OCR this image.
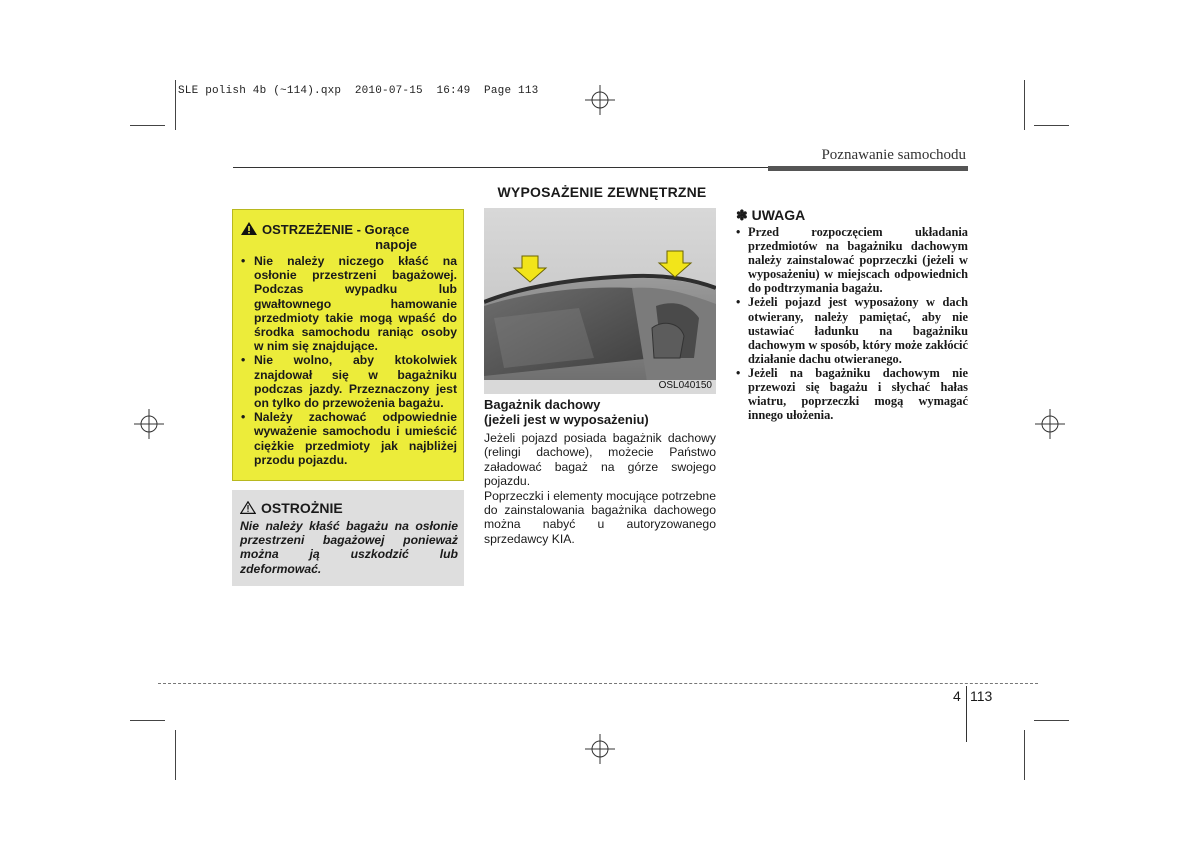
SLE polish 4b (~114).qxp  2010-07-15  16:49  Page 113
Poznawanie samochodu
WYPOSAŻENIE ZEWNĘTRZNE
OSTRZEŻENIE - Gorące
napoje
• Nie należy niczego kłaść na osłonie przestrzeni bagażowej. Podczas wypadku lub gwałtownego hamowanie przedmioty takie mogą wpaść do środka samochodu raniąc osoby w nim się znajdujące.
• Nie wolno, aby ktokolwiek znajdował się w bagażniku podczas jazdy. Przeznaczony jest on tylko do przewożenia bagażu.
• Należy zachować odpowiednie wyważenie samochodu i umieścić ciężkie przedmioty jak najbliżej przodu pojazdu.
OSTROŻNIE
Nie należy kłaść bagażu na osłonie przestrzeni bagażowej ponieważ można ją uszkodzić lub zdeformować.
OSL040150
Bagażnik dachowy
(jeżeli jest w wyposażeniu)
Jeżeli pojazd posiada bagażnik dachowy (relingi dachowe), możecie Państwo załadować bagaż na górze swojego pojazdu.
Poprzeczki i elementy mocujące potrzebne do zainstalowania bagażnika dachowego można nabyć u autoryzowanego sprzedawcy KIA.
✽ UWAGA
• Przed rozpoczęciem układania przedmiotów na bagażniku dachowym należy zainstalować poprzeczki (jeżeli w wyposażeniu) w miejscach odpowiednich do podtrzymania bagażu.
• Jeżeli pojazd jest wyposażony w dach otwierany, należy pamiętać, aby nie ustawiać ładunku na bagażniku dachowym w sposób, który może zakłócić działanie dachu otwieranego.
• Jeżeli na bagażniku dachowym nie przewozi się bagażu i słychać hałas wiatru, poprzeczki mogą wymagać innego ułożenia.
4 113
